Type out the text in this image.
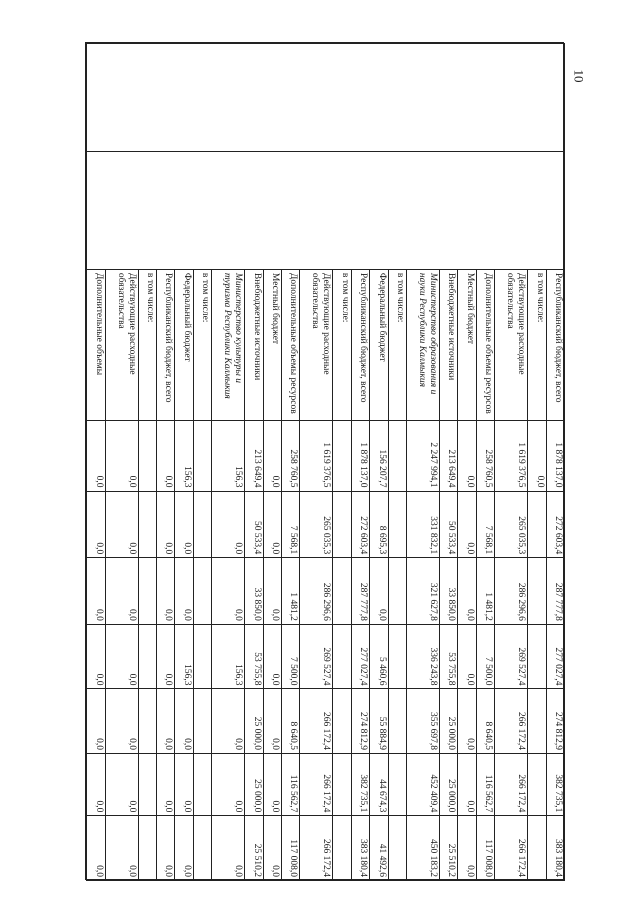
10
		Республиканский бюджет, всего	1 878 137,0	272 603,4	287 777,8	277 027,4	274 812,9	382 735,1	383 180,4
		в том числе:	0,0						
		Действующие расходные обязательства	1 619 376,5	265 035,3	286 296,6	269 527,4	266 172,4	266 172,4	266 172,4
		Дополнительные объемы ресурсов	258 760,5	7 568,1	1 481,2	7 500,0	8 640,5	116 562,7	117 008,0
		Местный бюджет	0,0	0,0	0,0	0,0	0,0	0,0	0,0
		Внебюджетные источники	213 649,4	50 533,4	33 850,0	53 755,8	25 000,0	25 000,0	25 510,2
		Министерство образования и науки Республики Калмыкия	2 247 994,1	331 832,1	321 627,8	336 243,8	355 697,8	452 409,4	450 183,2
		в том числе:							
		Федеральный бюджет	156 207,7	8 695,3	0,0	5 460,6	55 884,9	44 674,3	41 492,6
		Республиканский бюджет, всего	1 878 137,0	272 603,4	287 777,8	277 027,4	274 812,9	382 735,1	383 180,4
		в том числе:							
		Действующие расходные обязательства	1 619 376,5	265 035,3	286 296,6	269 527,4	266 172,4	266 172,4	266 172,4
		Дополнительные объемы ресурсов	258 760,5	7 568,1	1 481,2	7 500,0	8 640,5	116 562,7	117 008,0
		Местный бюджет	0,0	0,0	0,0	0,0	0,0	0,0	0,0
		Внебюджетные источники	213 649,4	50 533,4	33 850,0	53 755,8	25 000,0	25 000,0	25 510,2
		Министерство культуры и туризма Республики Калмыкия	156,3	0,0	0,0	156,3	0,0	0,0	0,0
		в том числе:							
		Федеральный бюджет	156,3	0,0	0,0	156,3	0,0	0,0	0,0
		Республиканский бюджет, всего	0,0	0,0	0,0	0,0	0,0	0,0	0,0
		в том числе:							
		Действующие расходные обязательства	0,0	0,0	0,0	0,0	0,0	0,0	0,0
		Дополнительные объемы	0,0	0,0	0,0	0,0	0,0	0,0	0,0
